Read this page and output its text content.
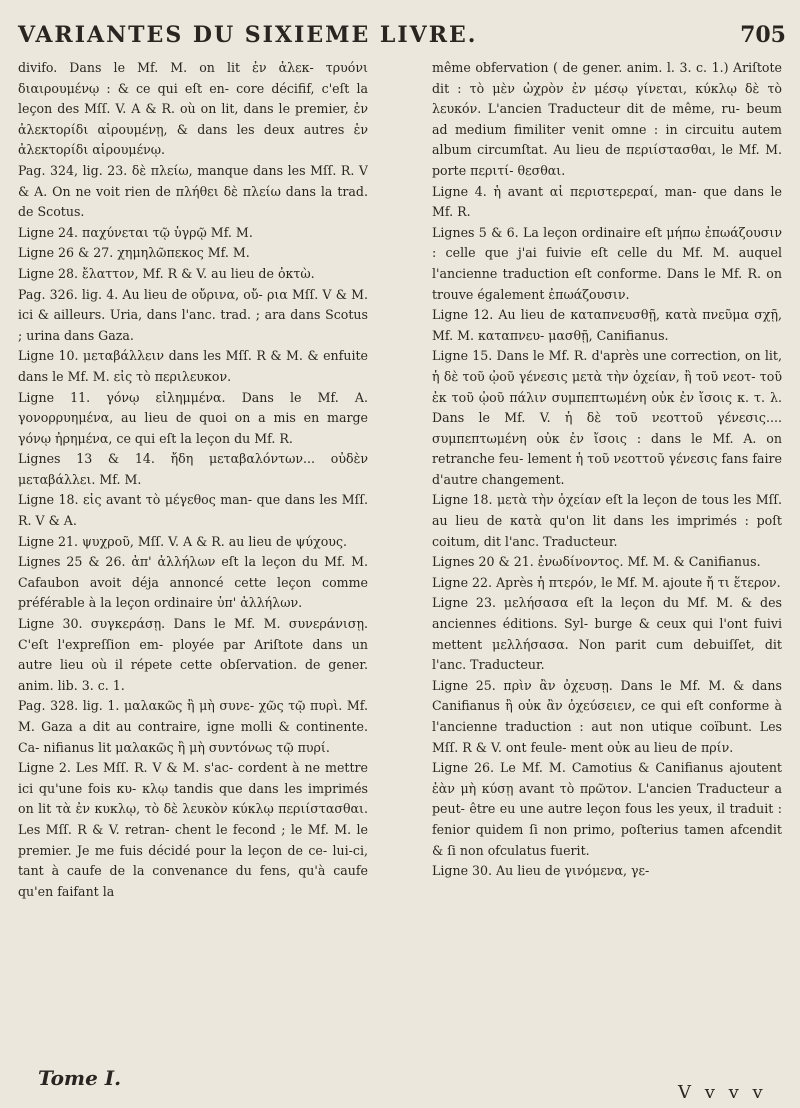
VARIANTES DU SIXIEME LIVRE.	705

divifo. Dans le Mf. M. on lit ἐν ἀλεκ- τρυόνι διαιρουμένῳ : & ce qui eſt en- core décifif, c'eſt la leçon des Mſſ. V. A & R. où on lit, dans le premier, ἐν ἀλεκτορίδι αἱρουμένῃ, & dans les deux autres ἐν ἀλεκτορίδι αἱρουμένῳ.

Pag. 324, lig. 23. δὲ πλείω, manque dans les Mſſ. R. V & A. On ne voit rien de πλήθει δὲ πλείω dans la trad. de Scotus.

Ligne 24. παχύνεται τῷ ὑγρῷ Mf. M.

Ligne 26 & 27. χημηλῶπεκος Mf. M.

Ligne 28. ἔλαττον, Mf. R & V. au lieu de ὀκτὼ.

Pag. 326. lig. 4. Au lieu de οὔρινα, οὔ- ρια Mſſ. V & M. ici & ailleurs. Uria, dans l'anc. trad. ; ara dans Scotus ; urina dans Gaza.

Ligne 10. μεταβάλλειν dans les Mſſ. R & M. & enfuite dans le Mf. M. εἰς τὸ περιλευκον.

Ligne 11. γόνῳ εἰλημμένα. Dans le Mf. A. γονορρυημένα, au lieu de quoi on a mis en marge γόνῳ ἠρημένα, ce qui eſt la leçon du Mf. R.

Lignes 13 & 14. ἤδη μεταβαλόντων... οὐδὲν μεταβάλλει. Mf. M.

Ligne 18. εἰς avant τὸ μέγεθος man- que dans les Mſſ. R. V & A.

Ligne 21. ψυχροῦ, Mſſ. V. A & R. au lieu de ψύχους.

Lignes 25 & 26. ἀπ' ἀλλήλων eſt la leçon du Mf. M. Cafaubon avoit déja annoncé cette leçon comme préférable à la leçon ordinaire ὑπ' ἀλλήλων.

Ligne 30. συγκεράσῃ. Dans le Mf. M. συνεράνισῃ. C'eſt l'expreſſion em- ployée par Ariſtote dans un autre lieu où il répete cette obſervation. de gener. anim. lib. 3. c. 1.

Pag. 328. lig. 1. μαλακῶς ἢ μὴ συνε- χῶς τῷ πυρὶ. Mf. M. Gaza a dit au contraire, igne molli & continente. Ca- nifianus lit μαλακῶς ἢ μὴ συντόνως τῷ πυρί.

Ligne 2. Les Mſſ. R. V & M. s'ac- cordent à ne mettre ici qu'une fois κυ- κλῳ tandis que dans les imprimés on lit τὰ ἐν κυκλῳ, τὸ δὲ λευκὸν κύκλῳ περιίστασθαι. Les Mſſ. R & V. retran- chent le fecond ; le Mf. M. le premier. Je me fuis décidé pour la leçon de ce- lui-ci, tant à caufe de la convenance du fens, qu'à caufe qu'en faifant la

même obfervation ( de gener. anim. l. 3. c. 1.) Ariſtote dit : τὸ μὲν ὠχρὸν ἐν μέσῳ γίνεται, κύκλῳ δὲ τὸ λευκόν. L'ancien Traducteur dit de même, ru- beum ad medium fimiliter venit omne : in circuitu autem album circumſtat. Au lieu de περιίστασθαι, le Mf. M. porte περιτί- θεσθαι.

Ligne 4. ἡ avant αἱ περιστερεραί, man- que dans le Mf. R.

Lignes 5 & 6. La leçon ordinaire eſt μήπω ἐπωάζουσιν : celle que j'ai fuivie eſt celle du Mf. M. auquel l'ancienne traduction eſt conforme. Dans le Mf. R. on trouve également ἐπωάζουσιν.

Ligne 12. Au lieu de καταπνευσθῇ, κατὰ πνεῦμα σχῇ, Mf. M. καταπνευ- μασθῇ, Canifianus.

Ligne 15. Dans le Mf. R. d'après une correction, on lit, ἡ δὲ τοῦ ᾠοῦ γένεσις μετὰ τὴν ὀχείαν, ἢ τοῦ νεοτ- τοῦ ἐκ τοῦ ᾠοῦ πάλιν συμπεπτωμένη οὐκ ἐν ἴσοις κ. τ. λ. Dans le Mf. V. ἡ δὲ τοῦ νεοττοῦ γένεσις.... συμπεπτωμένη οὐκ ἐν ἴσοις : dans le Mf. A. on retranche feu- lement ἡ τοῦ νεοττοῦ γένεσις fans faire d'autre changement.

Ligne 18. μετὰ τὴν ὀχείαν eſt la leçon de tous les Mſſ. au lieu de κατὰ qu'on lit dans les imprimés : poſt coitum, dit l'anc. Traducteur.

Lignes 20 & 21. ἐνωδίνοντος. Mf. M. & Canifianus.

Ligne 22. Après ἡ πτερόν, le Mf. M. ajoute ἤ τι ἕτερον.

Ligne 23. μελήσασα eſt la leçon du Mf. M. & des anciennes éditions. Syl- burge & ceux qui l'ont fuivi mettent μελλήσασα. Non parit cum debuiſſet, dit l'anc. Traducteur.

Ligne 25. πρὶν ἂν ὀχευσῃ. Dans le Mf. M. & dans Canifianus ἢ οὐκ ἂν ὀχεύσειεν, ce qui eſt conforme à l'ancienne traduction : aut non utique coïbunt. Les Mſſ. R & V. ont feule- ment οὐκ au lieu de πρίν.

Ligne 26. Le Mf. M. Camotius & Canifianus ajoutent ἐὰν μὴ κύσῃ avant τὸ πρῶτον. L'ancien Traducteur a peut- être eu une autre leçon fous les yeux, il traduit : fenior quidem ſi non primo, poſterius tamen afcendit & ſi non ofculatus fuerit.

Ligne 30. Au lieu de γινόμενα, γε-

Tome I.
V v v v
